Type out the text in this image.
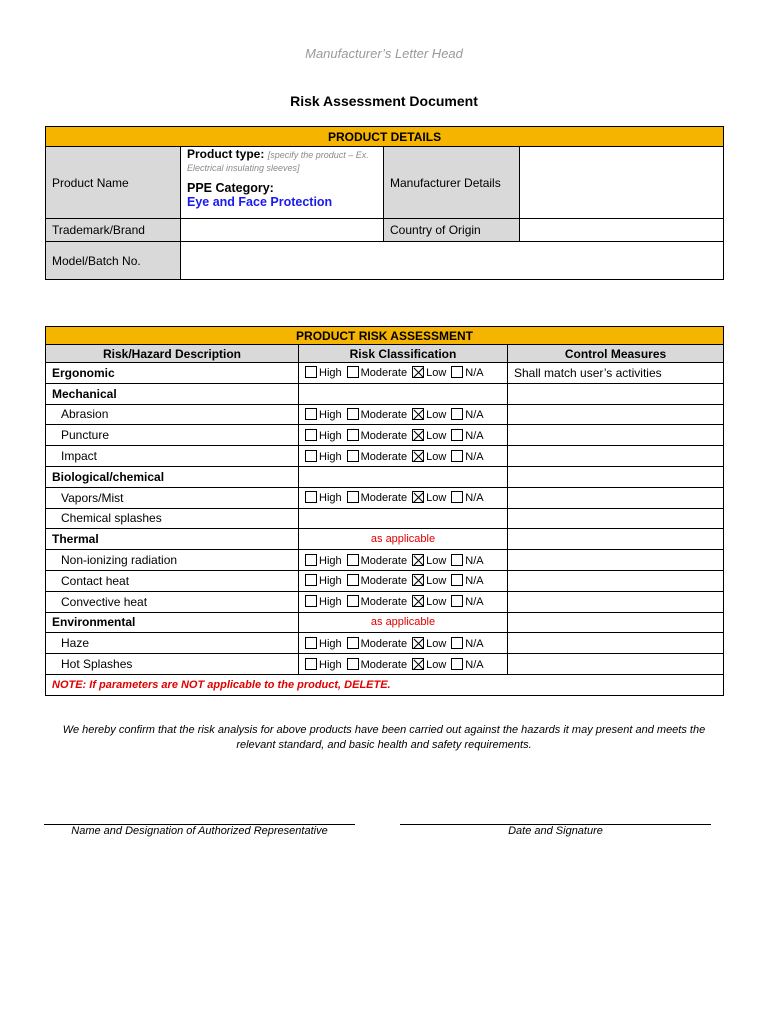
Manufacturer’s Letter Head
Risk Assessment Document
PRODUCT DETAILS			
Product Name	Product type: [specify the product – Ex. Electrical insulating sleeves]
PPE Category:
Eye and Face Protection	Manufacturer Details	
Trademark/Brand		Country of Origin	
Model/Batch No.			
PRODUCT RISK ASSESSMENT		
Risk/Hazard Description	Risk Classification	Control Measures
Ergonomic	High Moderate Low N/A	Shall match user’s activities
Mechanical		
Abrasion	High Moderate Low N/A	
Puncture	High Moderate Low N/A	
Impact	High Moderate Low N/A	
Biological/chemical		
Vapors/Mist	High Moderate Low N/A	
Chemical splashes		
Thermal	as applicable	
Non-ionizing radiation	High Moderate Low N/A	
Contact heat	High Moderate Low N/A	
Convective heat	High Moderate Low N/A	
Environmental	as applicable	
Haze	High Moderate Low N/A	
Hot Splashes	High Moderate Low N/A	
NOTE: If parameters are NOT applicable to the product, DELETE.		
We hereby confirm that the risk analysis for above products have been carried out against the hazards it may present and meets the relevant standard, and basic health and safety requirements.
Name and Designation of Authorized Representative	Date and Signature
